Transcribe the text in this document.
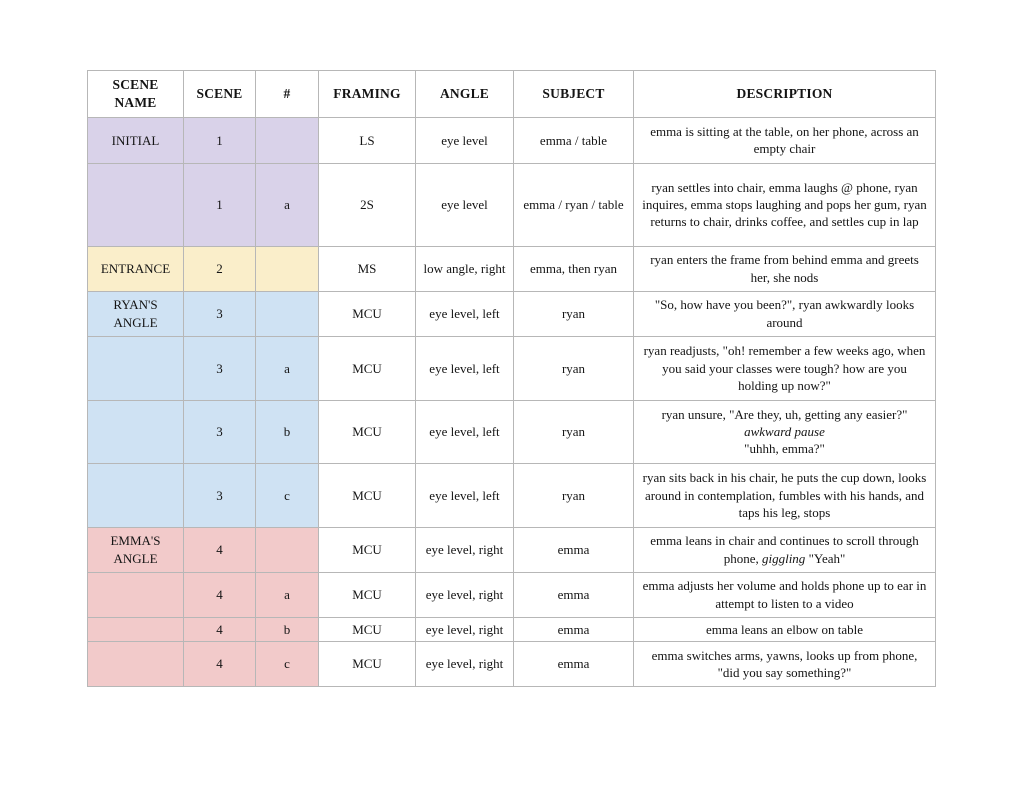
SCENE NAME	SCENE	#	FRAMING	ANGLE	SUBJECT	DESCRIPTION
INITIAL	1		LS	eye level	emma / table	emma is sitting at the table, on her phone, across an empty chair
	1	a	2S	eye level	emma / ryan / table	ryan settles into chair, emma laughs @ phone, ryan inquires, emma stops laughing and pops her gum, ryan returns to chair, drinks coffee, and settles cup in lap
ENTRANCE	2		MS	low angle, right	emma, then ryan	ryan enters the frame from behind emma and greets her, she nods
RYAN'S ANGLE	3		MCU	eye level, left	ryan	"So, how have you been?", ryan awkwardly looks around
	3	a	MCU	eye level, left	ryan	ryan readjusts, "oh! remember a few weeks ago, when you said your classes were tough? how are you holding up now?"
	3	b	MCU	eye level, left	ryan	ryan unsure, "Are they, uh, getting any easier?"
awkward pause
"uhhh, emma?"
	3	c	MCU	eye level, left	ryan	ryan sits back in his chair, he puts the cup down, looks around in contemplation, fumbles with his hands, and taps his leg, stops
EMMA'S ANGLE	4		MCU	eye level, right	emma	emma leans in chair and continues to scroll through phone, giggling "Yeah"
	4	a	MCU	eye level, right	emma	emma adjusts her volume and holds phone up to ear in attempt to listen to a video
	4	b	MCU	eye level, right	emma	emma leans an elbow on table
	4	c	MCU	eye level, right	emma	emma switches arms, yawns, looks up from phone, "did you say something?"
